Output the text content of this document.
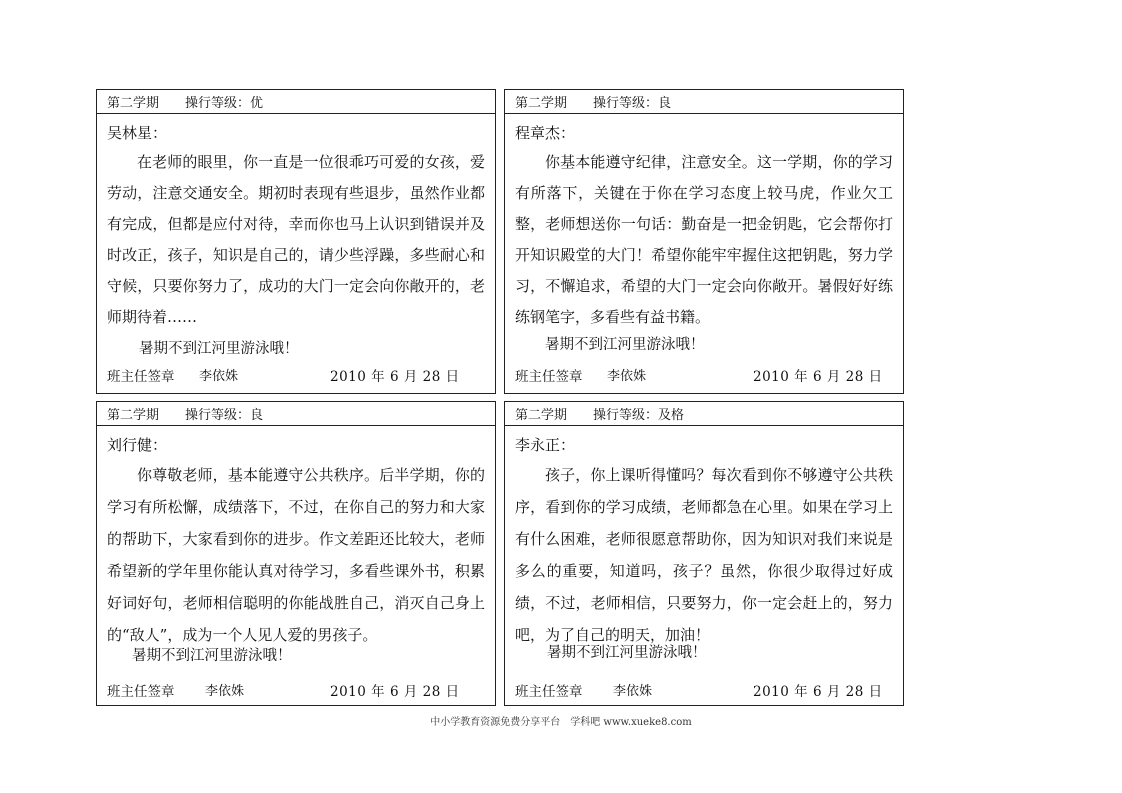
第二学期 操行等级：优
吴林星：
在老师的眼里，你一直是一位很乖巧可爱的女孩，爱劳动，注意交通安全。期初时表现有些退步，虽然作业都有完成，但都是应付对待，幸而你也马上认识到错误并及时改正，孩子，知识是自己的，请少些浮躁，多些耐心和守候，只要你努力了，成功的大门一定会向你敞开的，老师期待着……
暑期不到江河里游泳哦！
班主任签章 李依姝	2010 年 6 月 28 日
第二学期 操行等级：良
程章杰：
你基本能遵守纪律，注意安全。这一学期，你的学习有所落下，关键在于你在学习态度上较马虎，作业欠工整，老师想送你一句话：勤奋是一把金钥匙，它会帮你打开知识殿堂的大门！希望你能牢牢握住这把钥匙，努力学习，不懈追求，希望的大门一定会向你敞开。暑假好好练练钢笔字，多看些有益书籍。
暑期不到江河里游泳哦！
班主任签章 李依姝	2010 年 6 月 28 日
第二学期 操行等级：良
刘行健：
你尊敬老师，基本能遵守公共秩序。后半学期，你的学习有所松懈，成绩落下，不过，在你自己的努力和大家的帮助下，大家看到你的进步。作文差距还比较大，老师希望新的学年里你能认真对待学习，多看些课外书，积累好词好句，老师相信聪明的你能战胜自己，消灭自己身上的“敌人”，成为一个人见人爱的男孩子。
暑期不到江河里游泳哦！
班主任签章 李依姝	2010 年 6 月 28 日
第二学期 操行等级：及格
李永正：
孩子，你上课听得懂吗？每次看到你不够遵守公共秩序，看到你的学习成绩，老师都急在心里。如果在学习上有什么困难，老师很愿意帮助你，因为知识对我们来说是多么的重要，知道吗，孩子？虽然，你很少取得过好成绩，不过，老师相信，只要努力，你一定会赶上的，努力吧，为了自己的明天，加油！
暑期不到江河里游泳哦！
班主任签章 李依姝	2010 年 6 月 28 日
中小学教育资源免费分享平台　学科吧 www.xueke8.com
